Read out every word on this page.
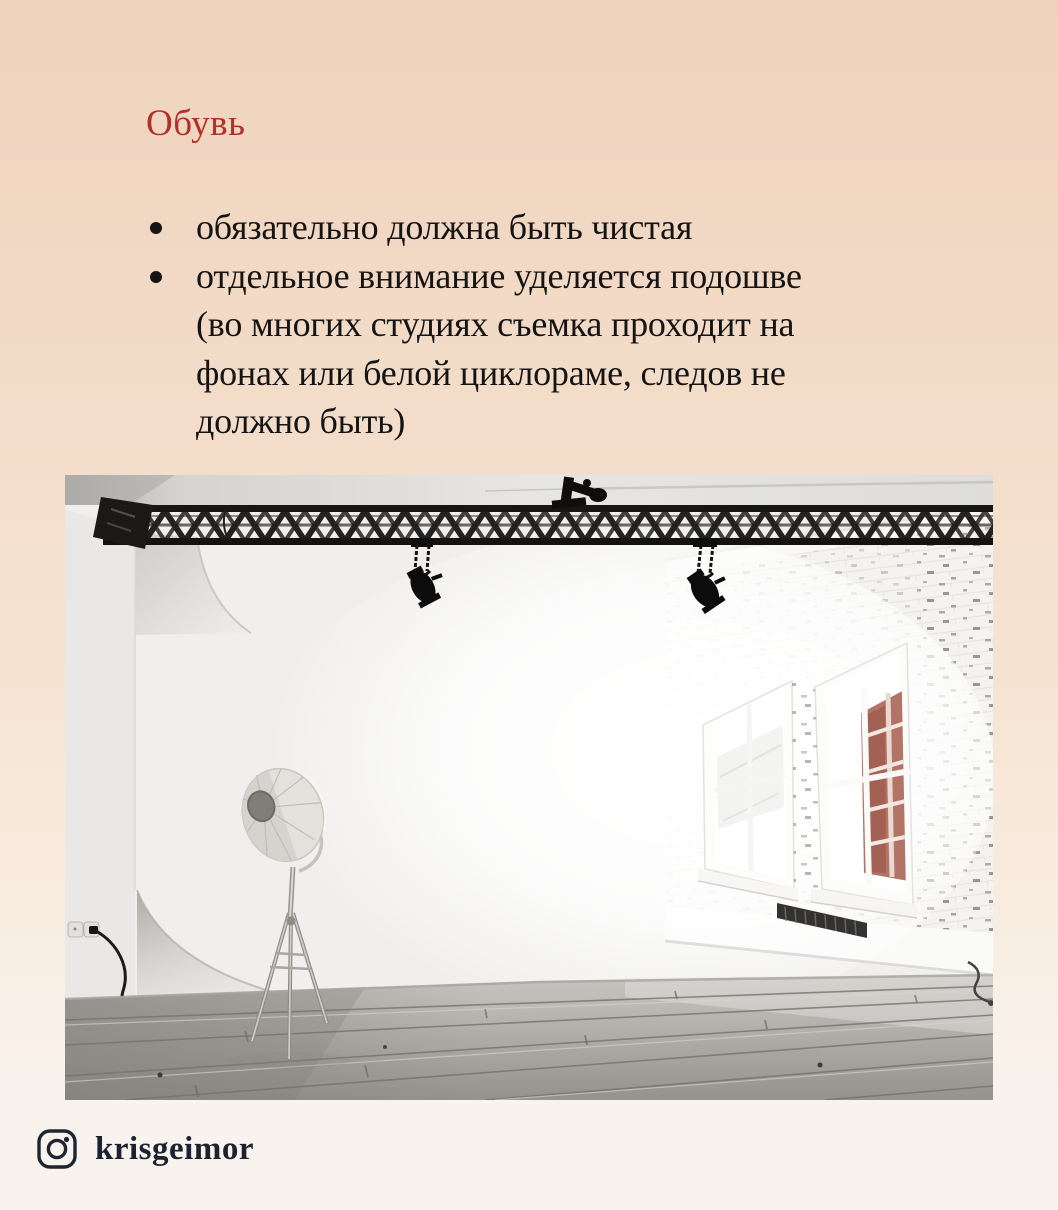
Обувь
обязательно должна быть чистая
отдельное внимание уделяется подошве
(во многих студиях съемка проходит на
фонах или белой циклораме, следов не
должно быть)
krisgeimor
